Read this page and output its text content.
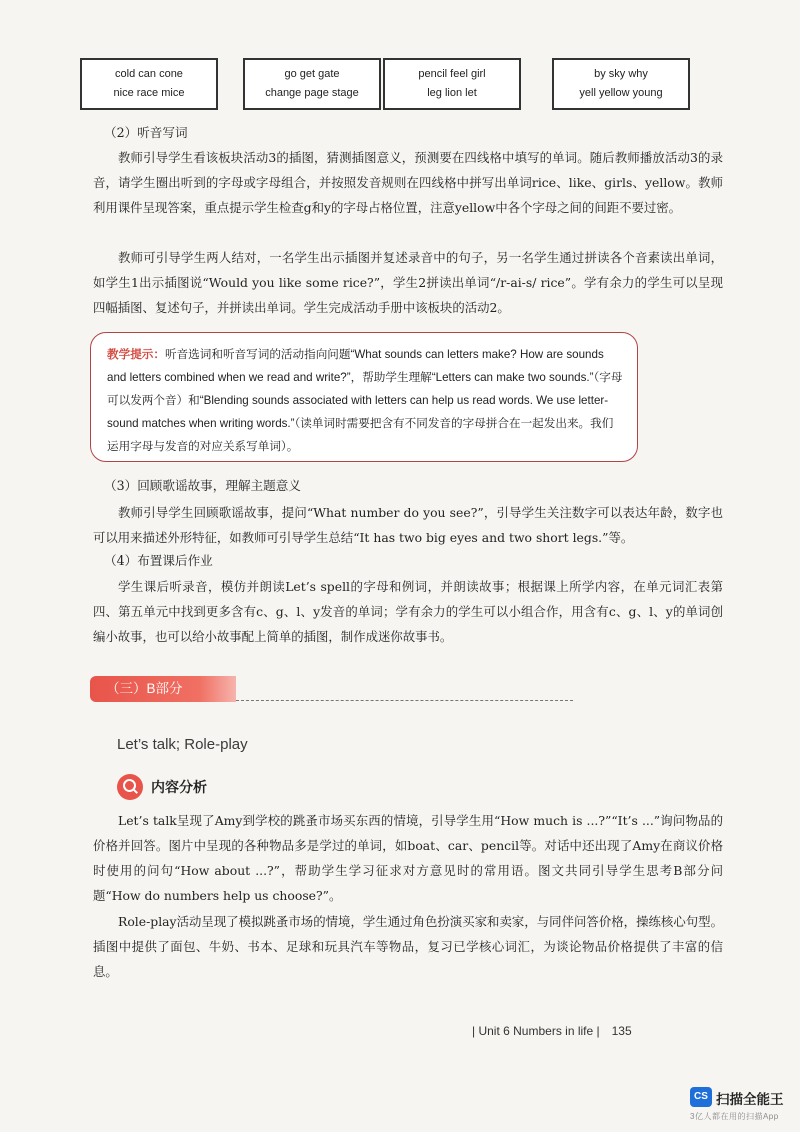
cold can cone
nice race mice
go get gate
change page stage
pencil feel girl
leg lion let
by sky why
yell yellow young
（2）听音写词
教师引导学生看该板块活动3的插图，猜测插图意义，预测要在四线格中填写的单词。随后教师播放活动3的录音，请学生圈出听到的字母或字母组合，并按照发音规则在四线格中拼写出单词rice、like、girls、yellow。教师利用课件呈现答案，重点提示学生检查g和y的字母占格位置，注意yellow中各个字母之间的间距不要过密。
教师可引导学生两人结对，一名学生出示插图并复述录音中的句子，另一名学生通过拼读各个音素读出单词，如学生1出示插图说“Would you like some rice?”，学生2拼读出单词“/r-ai-s/ rice”。学有余力的学生可以呈现四幅插图、复述句子，并拼读出单词。学生完成活动手册中该板块的活动2。
教学提示：听音选词和听音写词的活动指向问题“What sounds can letters make? How are sounds and letters combined when we read and write?”，帮助学生理解“Letters can make two sounds.”（字母可以发两个音）和“Blending sounds associated with letters can help us read words. We use letter-sound matches when writing words.”（读单词时需要把含有不同发音的字母拼合在一起发出来。我们运用字母与发音的对应关系写单词）。
（3）回顾歌谣故事，理解主题意义
教师引导学生回顾歌谣故事，提问“What number do you see?”，引导学生关注数字可以表达年龄，数字也可以用来描述外形特征，如教师可引导学生总结“It has two big eyes and two short legs.”等。
（4）布置课后作业
学生课后听录音，模仿并朗读Let’s spell的字母和例词，并朗读故事；根据课上所学内容，在单元词汇表第四、第五单元中找到更多含有c、g、l、y发音的单词；学有余力的学生可以小组合作，用含有c、g、l、y的单词创编小故事，也可以给小故事配上简单的插图，制作成迷你故事书。
（三）B部分
Let’s talk; Role-play
内容分析
Let’s talk呈现了Amy到学校的跳蚤市场买东西的情境，引导学生用“How much is ...?”“It’s ...”询问物品的价格并回答。图片中呈现的各种物品多是学过的单词，如boat、car、pencil等。对话中还出现了Amy在商议价格时使用的问句“How about ...?”，帮助学生学习征求对方意见时的常用语。图文共同引导学生思考B部分问题“How do numbers help us choose?”。
Role-play活动呈现了模拟跳蚤市场的情境，学生通过角色扮演买家和卖家，与同伴问答价格，操练核心句型。插图中提供了面包、牛奶、书本、足球和玩具汽车等物品，复习已学核心词汇，为谈论物品价格提供了丰富的信息。
| Unit 6 Numbers in life | 135
CS 扫描全能王
3亿人都在用的扫描App
